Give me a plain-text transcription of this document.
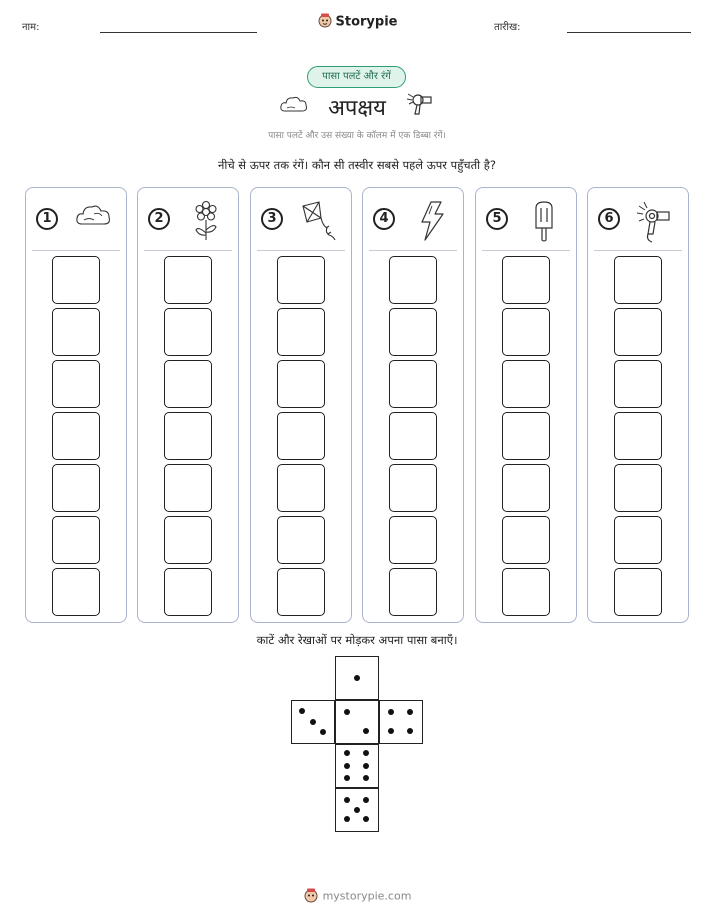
नाम:	Storypie	तारीख:
पासा पलटें और रंगें
अपक्षय
पासा पलटें और उस संख्या के कॉलम में एक डिब्बा रंगें।
नीचे से ऊपर तक रंगें। कौन सी तस्वीर सबसे पहले ऊपर पहुँचती है?
1	2	3	4	5	6
काटें और रेखाओं पर मोड़कर अपना पासा बनाएँ।
mystorypie.com
